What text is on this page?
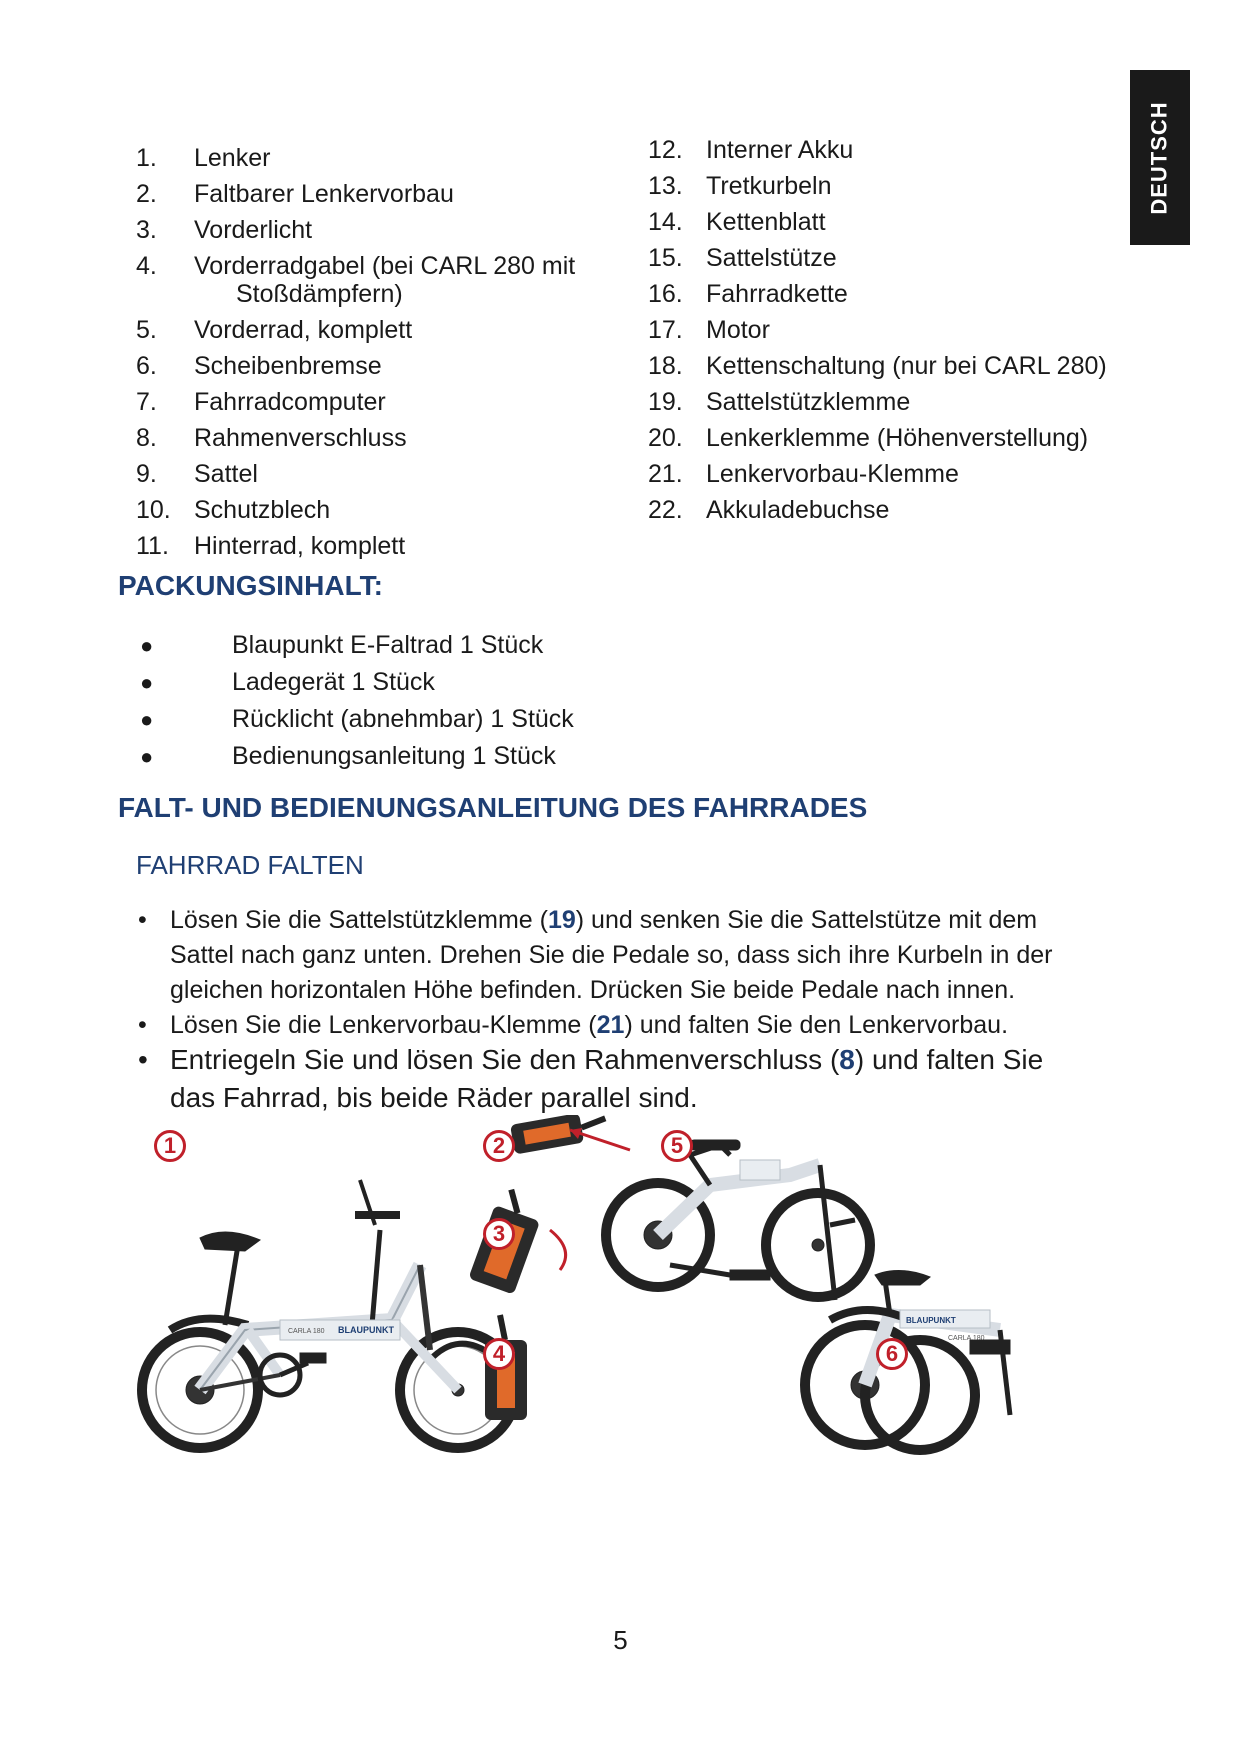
DEUTSCH
1.	Lenker
2.	Faltbarer Lenkervorbau
3.	Vorderlicht
4.	Vorderradgabel (bei CARL 280 mit
Stoßdämpfern)
5.	Vorderrad, komplett
6.	Scheibenbremse
7.	Fahrradcomputer
8.	Rahmenverschluss
9.	Sattel
10. Schutzblech
11.	Hinterrad, komplett
12. Interner Akku
13. Tretkurbeln
14. Kettenblatt
15. Sattelstütze
16. Fahrradkette
17. Motor
18. Kettenschaltung (nur bei CARL 280)
19. Sattelstützklemme
20. Lenkerklemme (Höhenverstellung)
21. Lenkervorbau-Klemme
22. Akkuladebuchse
PACKUNGSINHALT:
●	Blaupunkt E-Faltrad 1 Stück
●	Ladegerät 1 Stück
●	Rücklicht (abnehmbar) 1 Stück
●	Bedienungsanleitung 1 Stück
FALT- UND BEDIENUNGSANLEITUNG DES FAHRRADES
FAHRRAD FALTEN
• Lösen Sie die Sattelstützklemme (19) und senken Sie die Sattelstütze mit dem Sattel nach ganz unten. Drehen Sie die Pedale so, dass sich ihre Kurbeln in der gleichen horizontalen Höhe befinden. Drücken Sie beide Pedale nach innen.
• Lösen Sie die Lenkervorbau-Klemme (21) und falten Sie den Lenkervorbau.
• Entriegeln Sie und lösen Sie den Rahmenverschluss (8) und falten Sie das Fahrrad, bis beide Räder parallel sind.
BLAUPUNKT
CARLA 180
BLAUPUNKT
CARLA 180
1	2
3
4
5
6
5
